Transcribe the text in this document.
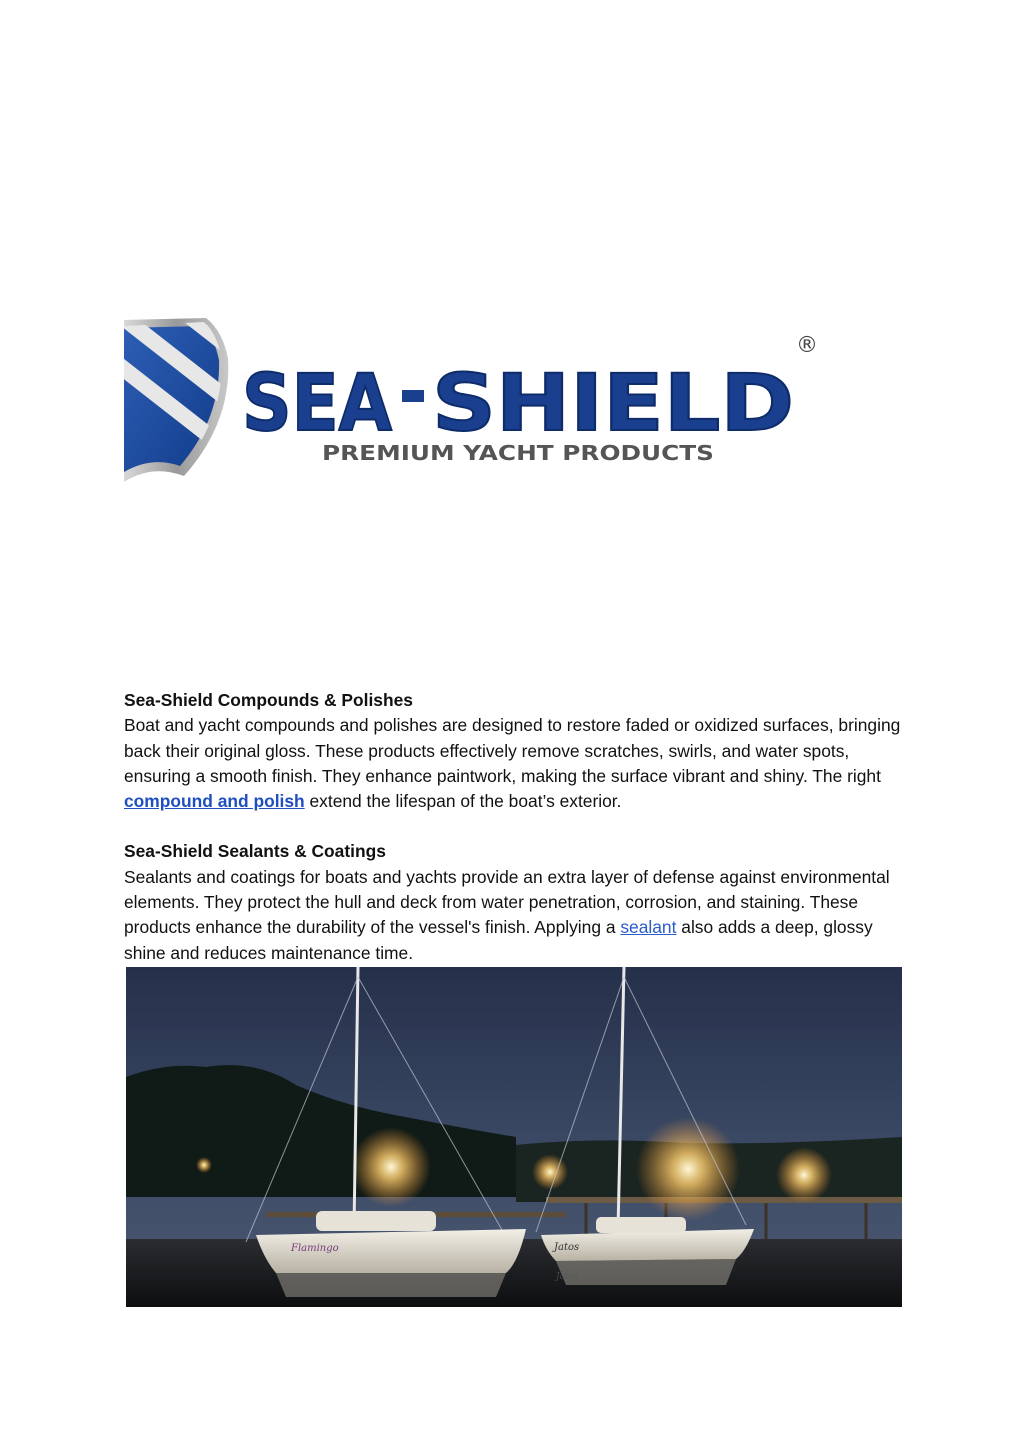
SEA SHIELD
®
PREMIUM YACHT PRODUCTS

Sea-Shield Compounds & Polishes

Boat and yacht compounds and polishes are designed to restore faded or oxidized surfaces, bringing back their original gloss. These products effectively remove scratches, swirls, and water spots, ensuring a smooth finish. They enhance paintwork, making the surface vibrant and shiny. The right compound and polish extend the lifespan of the boat’s exterior.

Sea-Shield Sealants & Coatings

Sealants and coatings for boats and yachts provide an extra layer of defense against environmental elements. They protect the hull and deck from water penetration, corrosion, and staining. These products enhance the durability of the vessel's finish. Applying a sealant also adds a deep, glossy shine and reduces maintenance time.

Flamingo	Jatos
Jatos
